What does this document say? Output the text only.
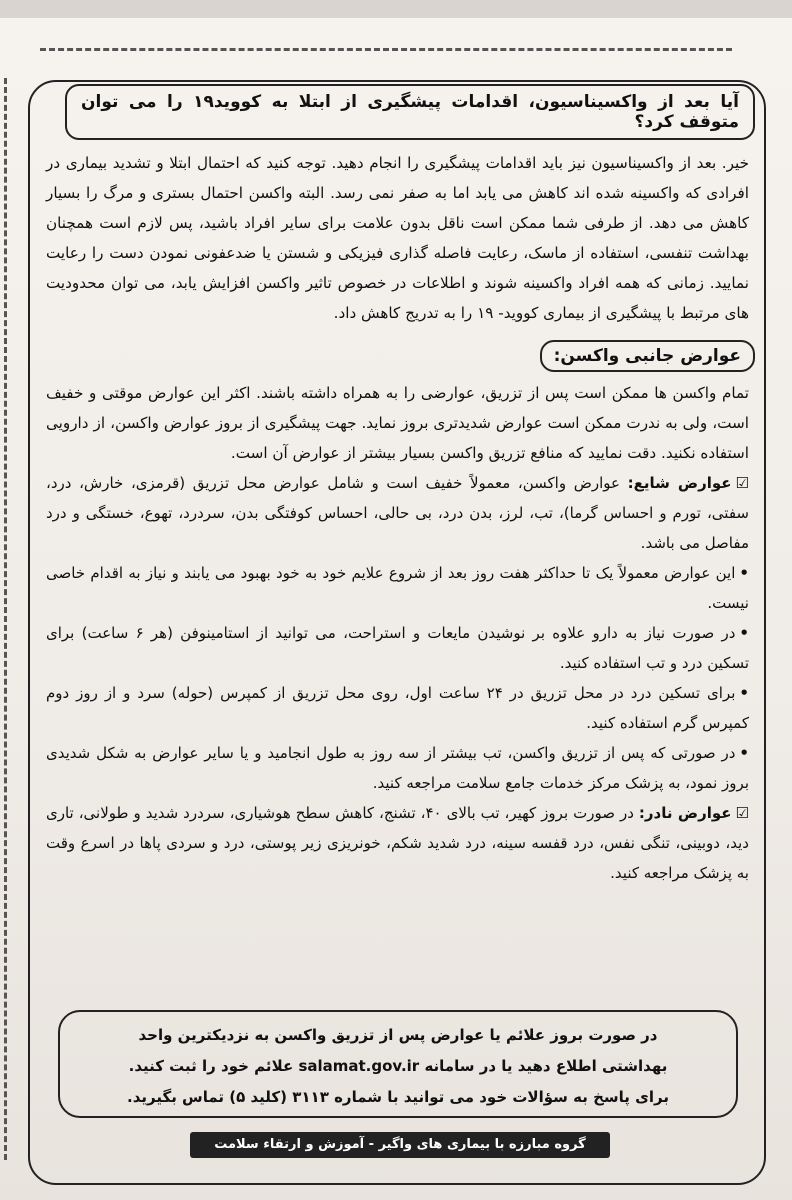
آیا بعد از واکسیناسیون، اقدامات پیشگیری از ابتلا به کووید۱۹ را می توان متوقف کرد؟
خیر. بعد از واکسیناسیون نیز باید اقدامات پیشگیری را انجام دهید. توجه کنید که احتمال ابتلا و تشدید بیماری در افرادی که واکسینه شده اند کاهش می یابد اما به صفر نمی رسد. البته واکسن احتمال بستری و مرگ را بسیار کاهش می دهد. از طرفی شما ممکن است ناقل بدون علامت برای سایر افراد باشید، پس لازم است همچنان بهداشت تنفسی، استفاده از ماسک، رعایت فاصله گذاری فیزیکی و شستن یا ضدعفونی نمودن دست را رعایت نمایید. زمانی که همه افراد واکسینه شوند و اطلاعات در خصوص تاثیر واکسن افزایش یابد، می توان محدودیت های مرتبط با پیشگیری از بیماری کووید- ۱۹ را به تدریج کاهش داد.
عوارض جانبی واکسن:
تمام واکسن ها ممکن است پس از تزریق، عوارضی را به همراه داشته باشند. اکثر این عوارض موقتی و خفیف است، ولی به ندرت ممکن است عوارض شدیدتری بروز نماید. جهت پیشگیری از بروز عوارض واکسن، از دارویی استفاده نکنید. دقت نمایید که منافع تزریق واکسن بسیار بیشتر از عوارض آن است.
☑عوارض شایع: عوارض واکسن، معمولاً خفیف است و شامل عوارض محل تزریق (قرمزی، خارش، درد، سفتی، تورم و احساس گرما)، تب، لرز، بدن درد، بی حالی، احساس کوفتگی بدن، سردرد، تهوع، خستگی و درد مفاصل می باشد.
•این عوارض معمولاً یک تا حداکثر هفت روز بعد از شروع علایم خود به خود بهبود می یابند و نیاز به اقدام خاصی نیست.
•در صورت نیاز به دارو علاوه بر نوشیدن مایعات و استراحت، می توانید از استامینوفن (هر ۶ ساعت) برای تسکین درد و تب استفاده کنید.
•برای تسکین درد در محل تزریق در ۲۴ ساعت اول، روی محل تزریق از کمپرس (حوله) سرد و از روز دوم کمپرس گرم استفاده کنید.
•در صورتی که پس از تزریق واکسن، تب بیشتر از سه روز به طول انجامید و یا سایر عوارض به شکل شدیدی بروز نمود، به پزشک مرکز خدمات جامع سلامت مراجعه کنید.
☑عوارض نادر: در صورت بروز کهیر، تب بالای ۴۰، تشنج، کاهش سطح هوشیاری، سردرد شدید و طولانی، تاری دید، دوبینی، تنگی نفس، درد قفسه سینه، درد شدید شکم، خونریزی زیر پوستی، درد و سردی پاها در اسرع وقت به پزشک مراجعه کنید.
در صورت بروز علائم یا عوارض پس از تزریق واکسن به نزدیکترین واحد
بهداشتی اطلاع دهید یا در سامانه salamat.gov.ir علائم خود را ثبت کنید.
برای پاسخ به سؤالات خود می توانید با شماره ۳۱۱۳ (کلید ۵) تماس بگیرید.
گروه مبارزه با بیماری های واگیر - آموزش و ارتقاء سلامت
